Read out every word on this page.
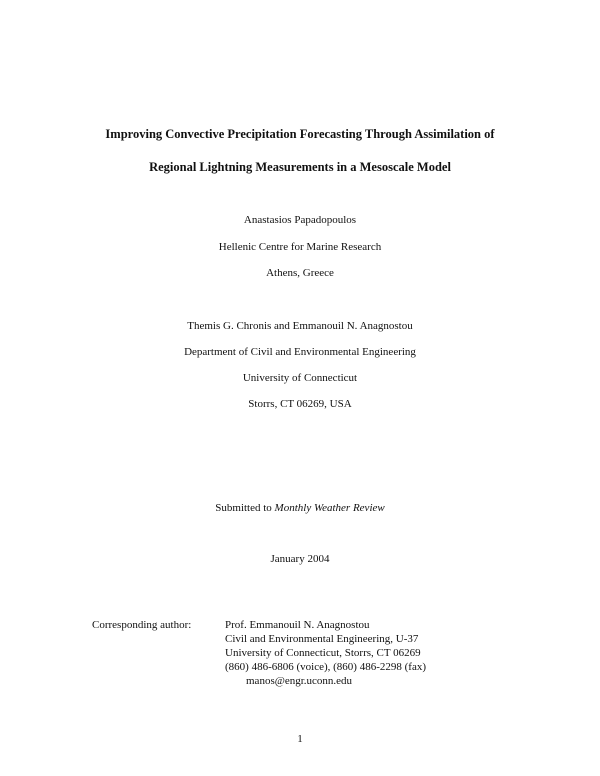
Improving Convective Precipitation Forecasting Through Assimilation of
Regional Lightning Measurements in a Mesoscale Model
Anastasios Papadopoulos
Hellenic Centre for Marine Research
Athens, Greece
Themis G. Chronis and Emmanouil N. Anagnostou
Department of Civil and Environmental Engineering
University of Connecticut
Storrs, CT 06269, USA
Submitted to Monthly Weather Review
January 2004
Corresponding author:	Prof. Emmanouil N. Anagnostou
Civil and Environmental Engineering, U-37
University of Connecticut, Storrs, CT 06269
(860) 486-6806 (voice), (860) 486-2298 (fax)
manos@engr.uconn.edu
1
